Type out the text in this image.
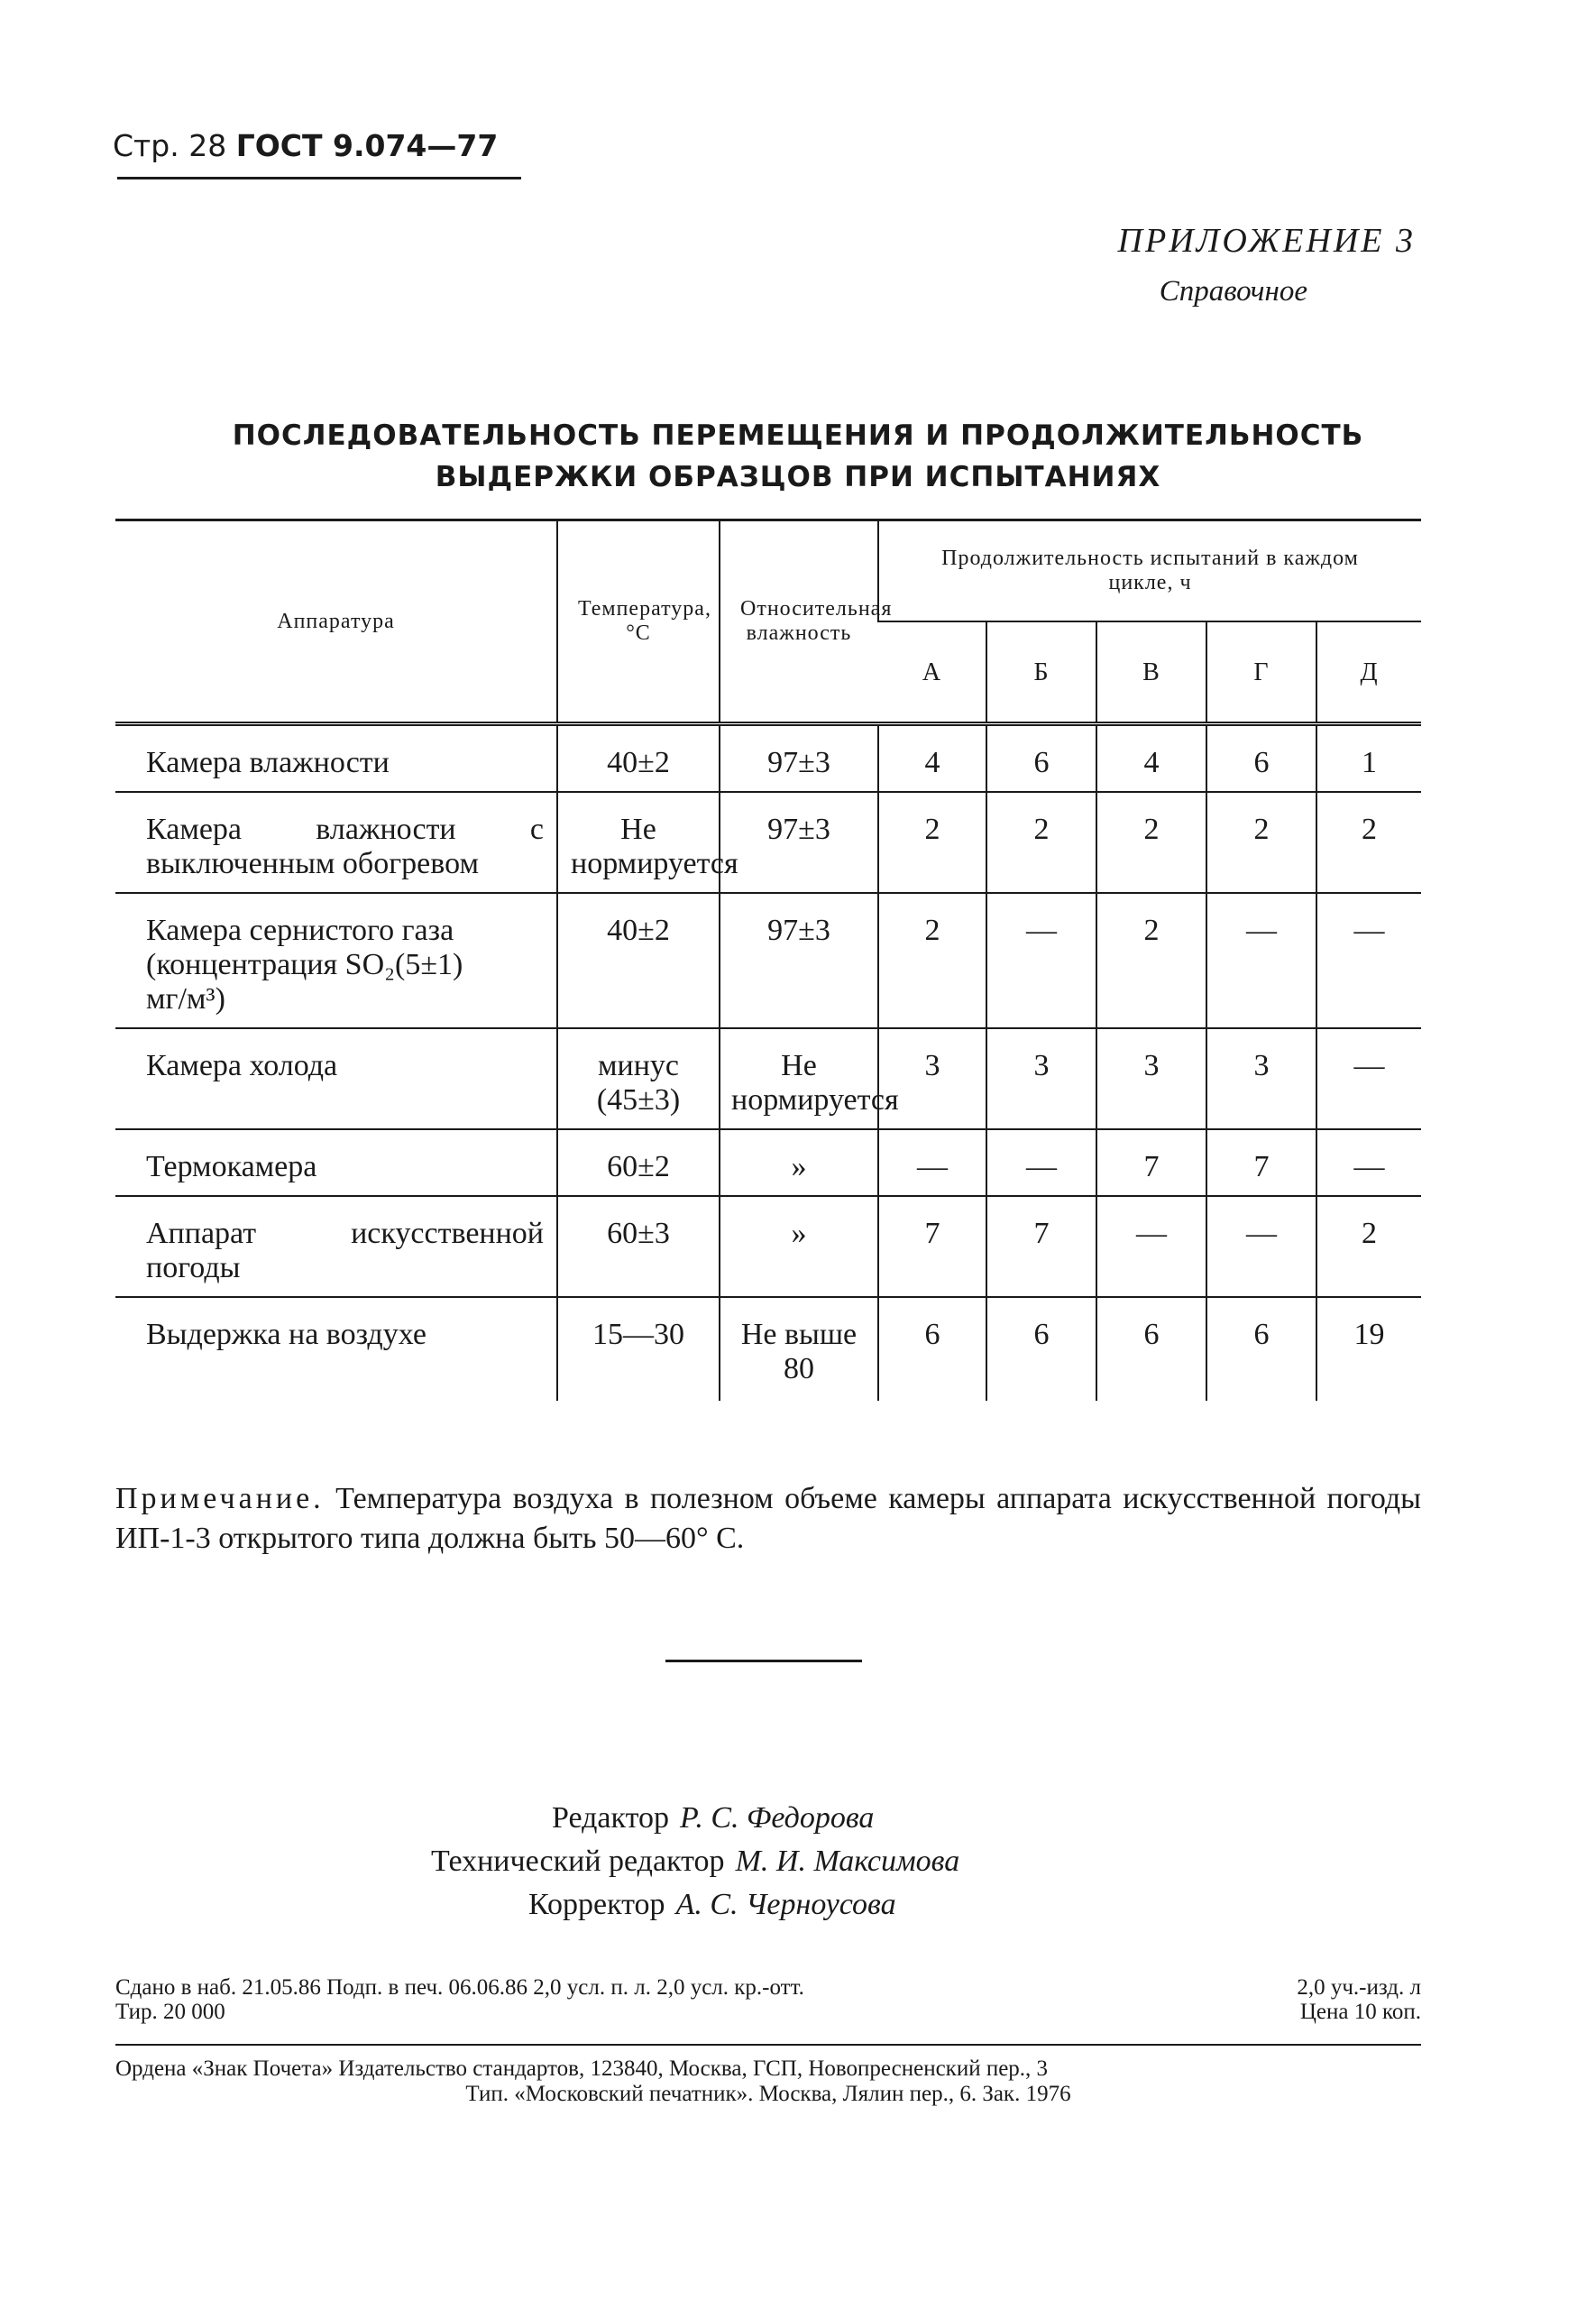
Стр. 28 ГОСТ 9.074—77
ПРИЛОЖЕНИЕ 3
Справочное
ПОСЛЕДОВАТЕЛЬНОСТЬ ПЕРЕМЕЩЕНИЯ И ПРОДОЛЖИТЕЛЬНОСТЬ
ВЫДЕРЖКИ ОБРАЗЦОВ ПРИ ИСПЫТАНИЯХ
Аппаратура	Температура, °С	Относительная влажность	Продолжительность испытаний в каждом цикле, ч				
			А	Б	В	Г	Д
Камера влажности	40±2	97±3	4	6	4	6	1
Камера влажности с выключенным обогревом	Не нормируется	97±3	2	2	2	2	2
Камера сернистого газа (концентрация SO₂(5±1) мг/м³)	40±2	97±3	2	—	2	—	—
Камера холода	минус (45±3)	Не нормируется	3	3	3	3	—
Термокамера	60±2	»	—	—	7	7	—
Аппарат искусственной погоды	60±3	»	7	7	—	—	2
Выдержка на воздухе	15—30	Не выше 80	6	6	6	6	19
Примечание. Температура воздуха в полезном объеме камеры аппарата искусственной погоды ИП-1-3 открытого типа должна быть 50—60° С.
Редактор Р. С. Федорова
Технический редактор М. И. Максимова
Корректор А. С. Черноусова
Сдано в наб. 21.05.86 Подп. в печ. 06.06.86 2,0 усл. п. л. 2,0 усл. кр.-отт.	2,0 уч.-изд. л
Тир. 20 000	Цена 10 коп.
Ордена «Знак Почета» Издательство стандартов, 123840, Москва, ГСП, Новопресненский пер., 3
Тип. «Московский печатник». Москва, Лялин пер., 6. Зак. 1976
